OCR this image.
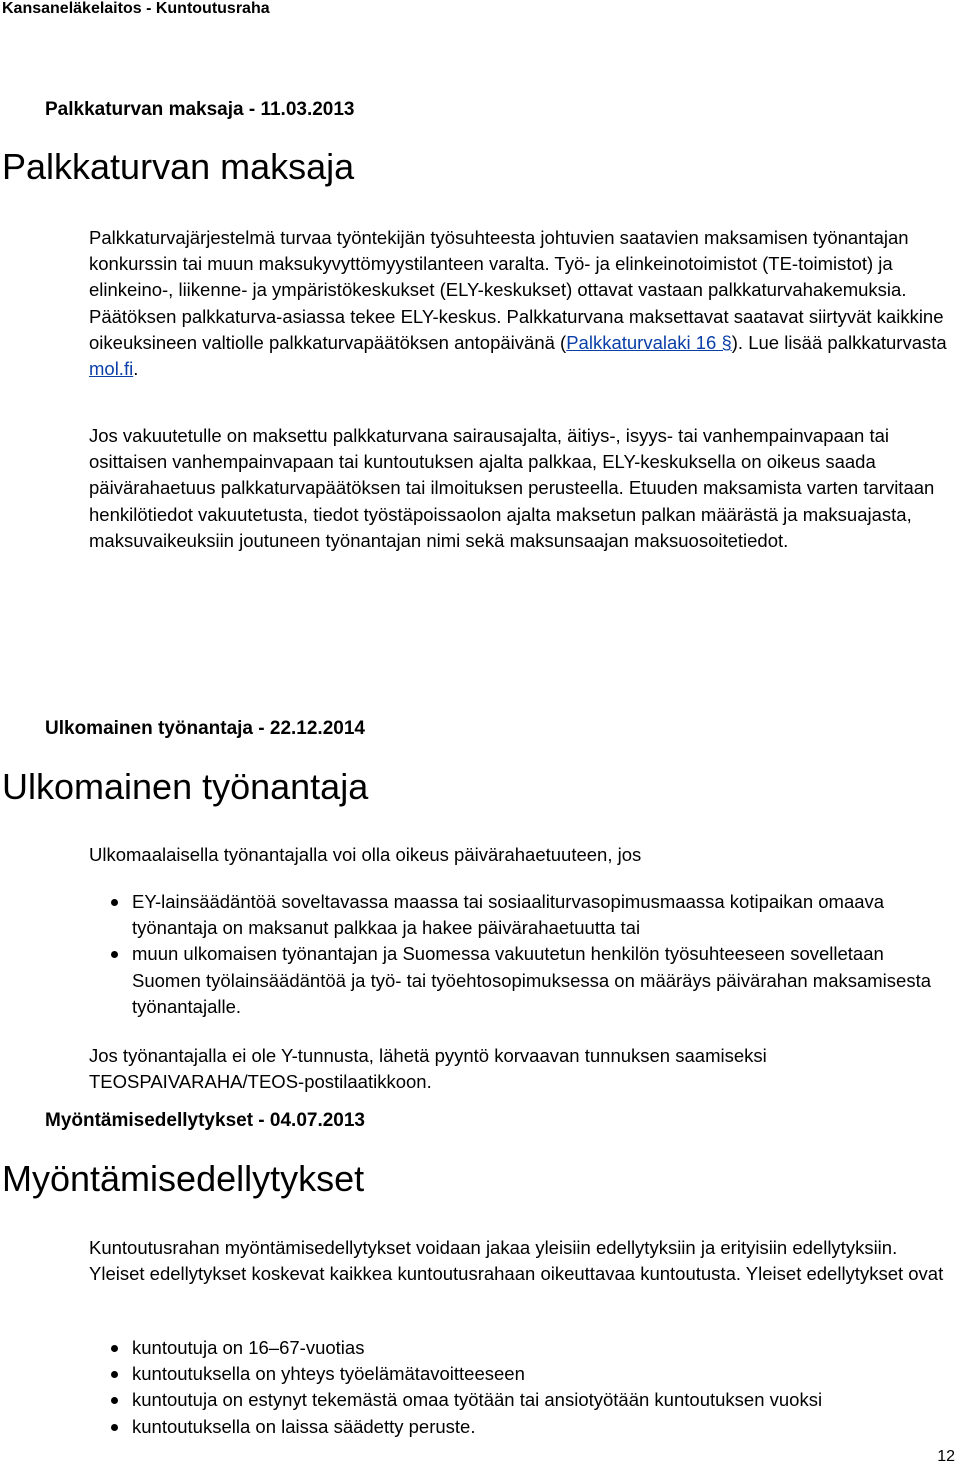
Kansaneläkelaitos - Kuntoutusraha
Palkkaturvan maksaja - 11.03.2013
Palkkaturvan maksaja

Palkkaturvajärjestelmä turvaa työntekijän työsuhteesta johtuvien saatavien maksamisen työnantajan konkurssin tai muun maksukyvyttömyystilanteen varalta. Työ- ja elinkeinotoimistot (TE-toimistot) ja elinkeino-, liikenne- ja ympäristökeskukset (ELY-keskukset) ottavat vastaan palkkaturvahakemuksia. Päätöksen palkkaturva-asiassa tekee ELY-keskus. Palkkaturvana maksettavat saatavat siirtyvät kaikkine oikeuksineen valtiolle palkkaturvapäätöksen antopäivänä (Palkkaturvalaki 16 §). Lue lisää palkkaturvasta mol.fi.

Jos vakuutetulle on maksettu palkkaturvana sairausajalta, äitiys-, isyys- tai vanhempainvapaan tai osittaisen vanhempainvapaan tai kuntoutuksen ajalta palkkaa, ELY-keskuksella on oikeus saada päivärahaetuus palkkaturvapäätöksen tai ilmoituksen perusteella. Etuuden maksamista varten tarvitaan henkilötiedot vakuutetusta, tiedot työstäpoissaolon ajalta maksetun palkan määrästä ja maksuajasta, maksuvaikeuksiin joutuneen työnantajan nimi sekä maksunsaajan maksuosoitetiedot.

Ulkomainen työnantaja - 22.12.2014
Ulkomainen työnantaja

Ulkomaalaisella työnantajalla voi olla oikeus päivärahaetuuteen, jos

EY-lainsäädäntöä soveltavassa maassa tai sosiaaliturvasopimusmaassa kotipaikan omaava työnantaja on maksanut palkkaa ja hakee päivärahaetuutta tai
muun ulkomaisen työnantajan ja Suomessa vakuutetun henkilön työsuhteeseen sovelletaan Suomen työlainsäädäntöä ja työ- tai työehtosopimuksessa on määräys päivärahan maksamisesta työnantajalle.

Jos työnantajalla ei ole Y-tunnusta, lähetä pyyntö korvaavan tunnuksen saamiseksi TEOSPAIVARAHA/TEOS-postilaatikkoon.

Myöntämisedellytykset - 04.07.2013
Myöntämisedellytykset

Kuntoutusrahan myöntämisedellytykset voidaan jakaa yleisiin edellytyksiin ja erityisiin edellytyksiin. Yleiset edellytykset koskevat kaikkea kuntoutusrahaan oikeuttavaa kuntoutusta. Yleiset edellytykset ovat

kuntoutuja on 16–67-vuotias
kuntoutuksella on yhteys työelämätavoitteeseen
kuntoutuja on estynyt tekemästä omaa työtään tai ansiotyötään kuntoutuksen vuoksi
kuntoutuksella on laissa säädetty peruste.
12
